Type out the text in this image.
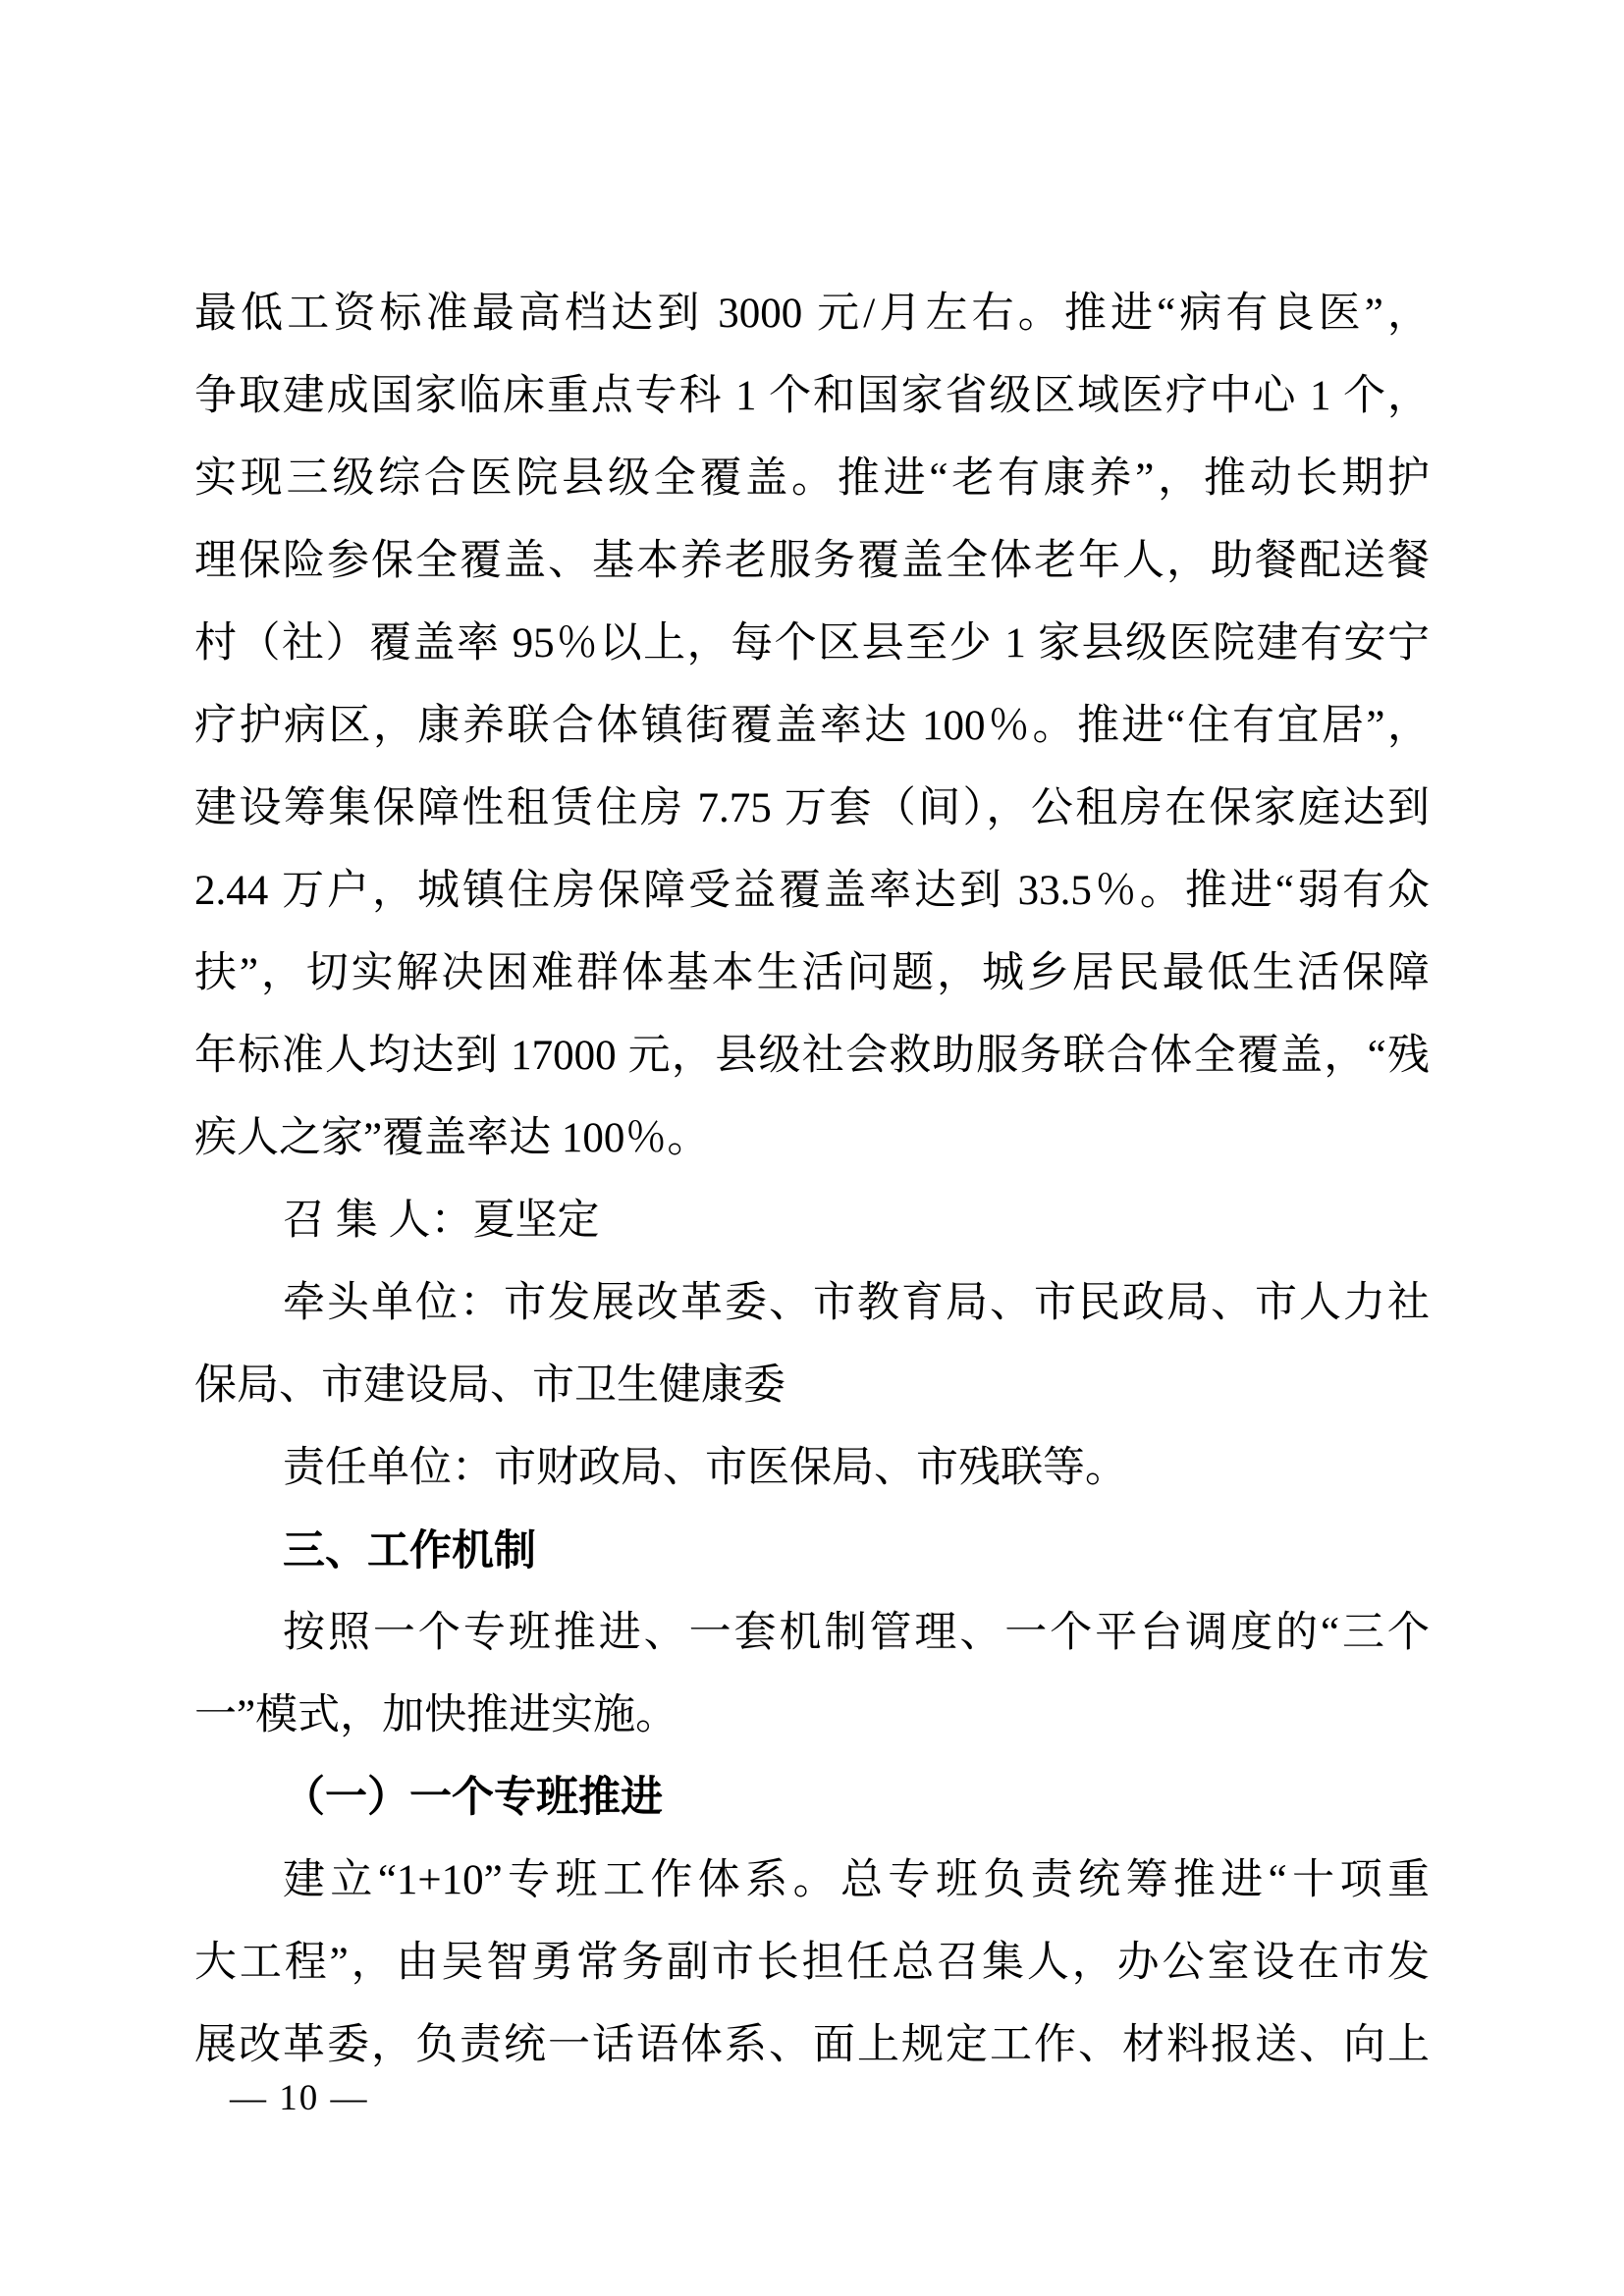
最低工资标准最高档达到 3000 元/月左右。推进“病有良医”，
争取建成国家临床重点专科 1 个和国家省级区域医疗中心 1 个，
实现三级综合医院县级全覆盖。推进“老有康养”，推动长期护
理保险参保全覆盖、基本养老服务覆盖全体老年人，助餐配送餐
村（社）覆盖率 95％以上，每个区县至少 1 家县级医院建有安宁
疗护病区，康养联合体镇街覆盖率达 100％。推进“住有宜居”，
建设筹集保障性租赁住房 7.75 万套（间），公租房在保家庭达到
2.44 万户，城镇住房保障受益覆盖率达到 33.5％。推进“弱有众
扶”，切实解决困难群体基本生活问题，城乡居民最低生活保障
年标准人均达到 17000 元，县级社会救助服务联合体全覆盖，“残
疾人之家”覆盖率达 100％。
召 集 人：夏坚定
牵头单位：市发展改革委、市教育局、市民政局、市人力社
保局、市建设局、市卫生健康委
责任单位：市财政局、市医保局、市残联等。
三、工作机制
按照一个专班推进、一套机制管理、一个平台调度的“三个
一”模式，加快推进实施。
（一）一个专班推进
建立“1+10”专班工作体系。总专班负责统筹推进“十项重
大工程”，由吴智勇常务副市长担任总召集人，办公室设在市发
展改革委，负责统一话语体系、面上规定工作、材料报送、向上
— 10 —
